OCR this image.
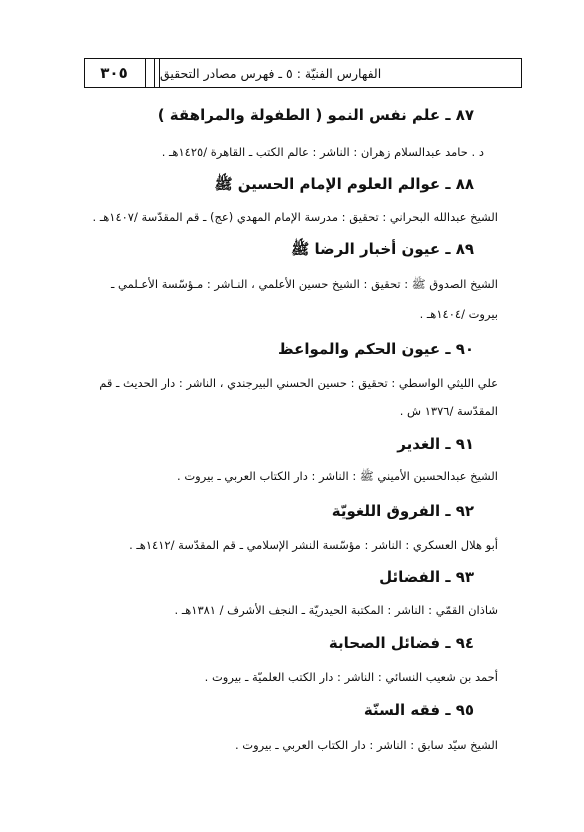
٣٠٥	الفهارس الفنيّة : ٥ ـ فهرس مصادر التحقيق

٨٧ ـ علم نفس النمو ( الطفولة والمراهقة )

د . حامد عبدالسلام زهران : الناشر : عالم الكتب ـ القاهرة /١٤٢٥هـ .

٨٨ ـ عوالم العلوم الإمام الحسين ﷺ

الشيخ عبدالله البحراني : تحقيق : مدرسة الإمام المهدي (عج) ـ قم المقدّسة /١٤٠٧هـ .

٨٩ ـ عيون أخبار الرضا ﷺ

الشيخ الصدوق ﷺ : تحقيق : الشيخ حسين الأعلمي ، النـاشر : مـؤسّسة الأعـلمي ـ

بيروت /١٤٠٤هـ .

٩٠ ـ عيون الحكم والمواعظ

علي الليثي الواسطي : تحقيق : حسين الحسني البيرجندي ، الناشر : دار الحديث ـ قم

المقدّسة /١٣٧٦ ش .

٩١ ـ الغدير

الشيخ عبدالحسين الأميني ﷺ : الناشر : دار الكتاب العربي ـ بيروت .

٩٢ ـ الفروق اللغويّة

أبو هلال العسكري : الناشر : مؤسّسة النشر الإسلامي ـ قم المقدّسة /١٤١٢هـ .

٩٣ ـ الفضائل

شاذان القمّي : الناشر : المكتبة الحيدريّة ـ النجف الأشرف / ١٣٨١هـ .

٩٤ ـ فضائل الصحابة

أحمد بن شعيب النسائي : الناشر : دار الكتب العلميّة ـ بيروت .

٩٥ ـ فقه السنّة

الشيخ سيّد سابق : الناشر : دار الكتاب العربي ـ بيروت .
